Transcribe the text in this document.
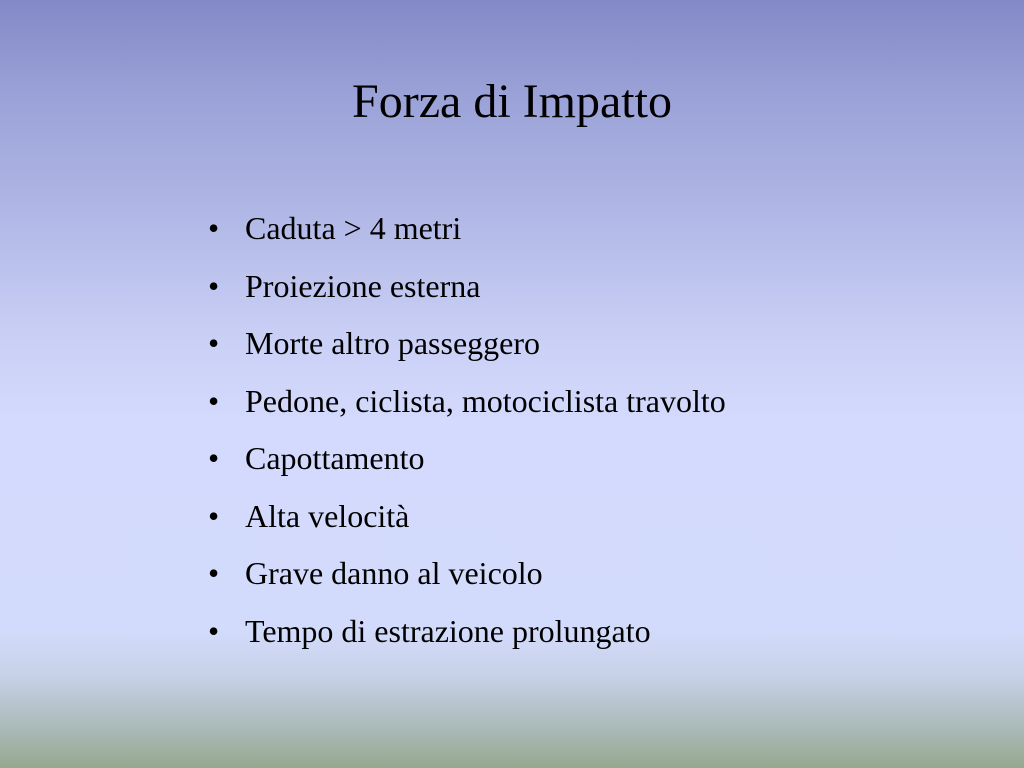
Forza di Impatto
• Caduta > 4 metri
• Proiezione esterna
• Morte altro passeggero
• Pedone, ciclista, motociclista travolto
• Capottamento
• Alta velocità
• Grave danno al veicolo
• Tempo di estrazione prolungato
